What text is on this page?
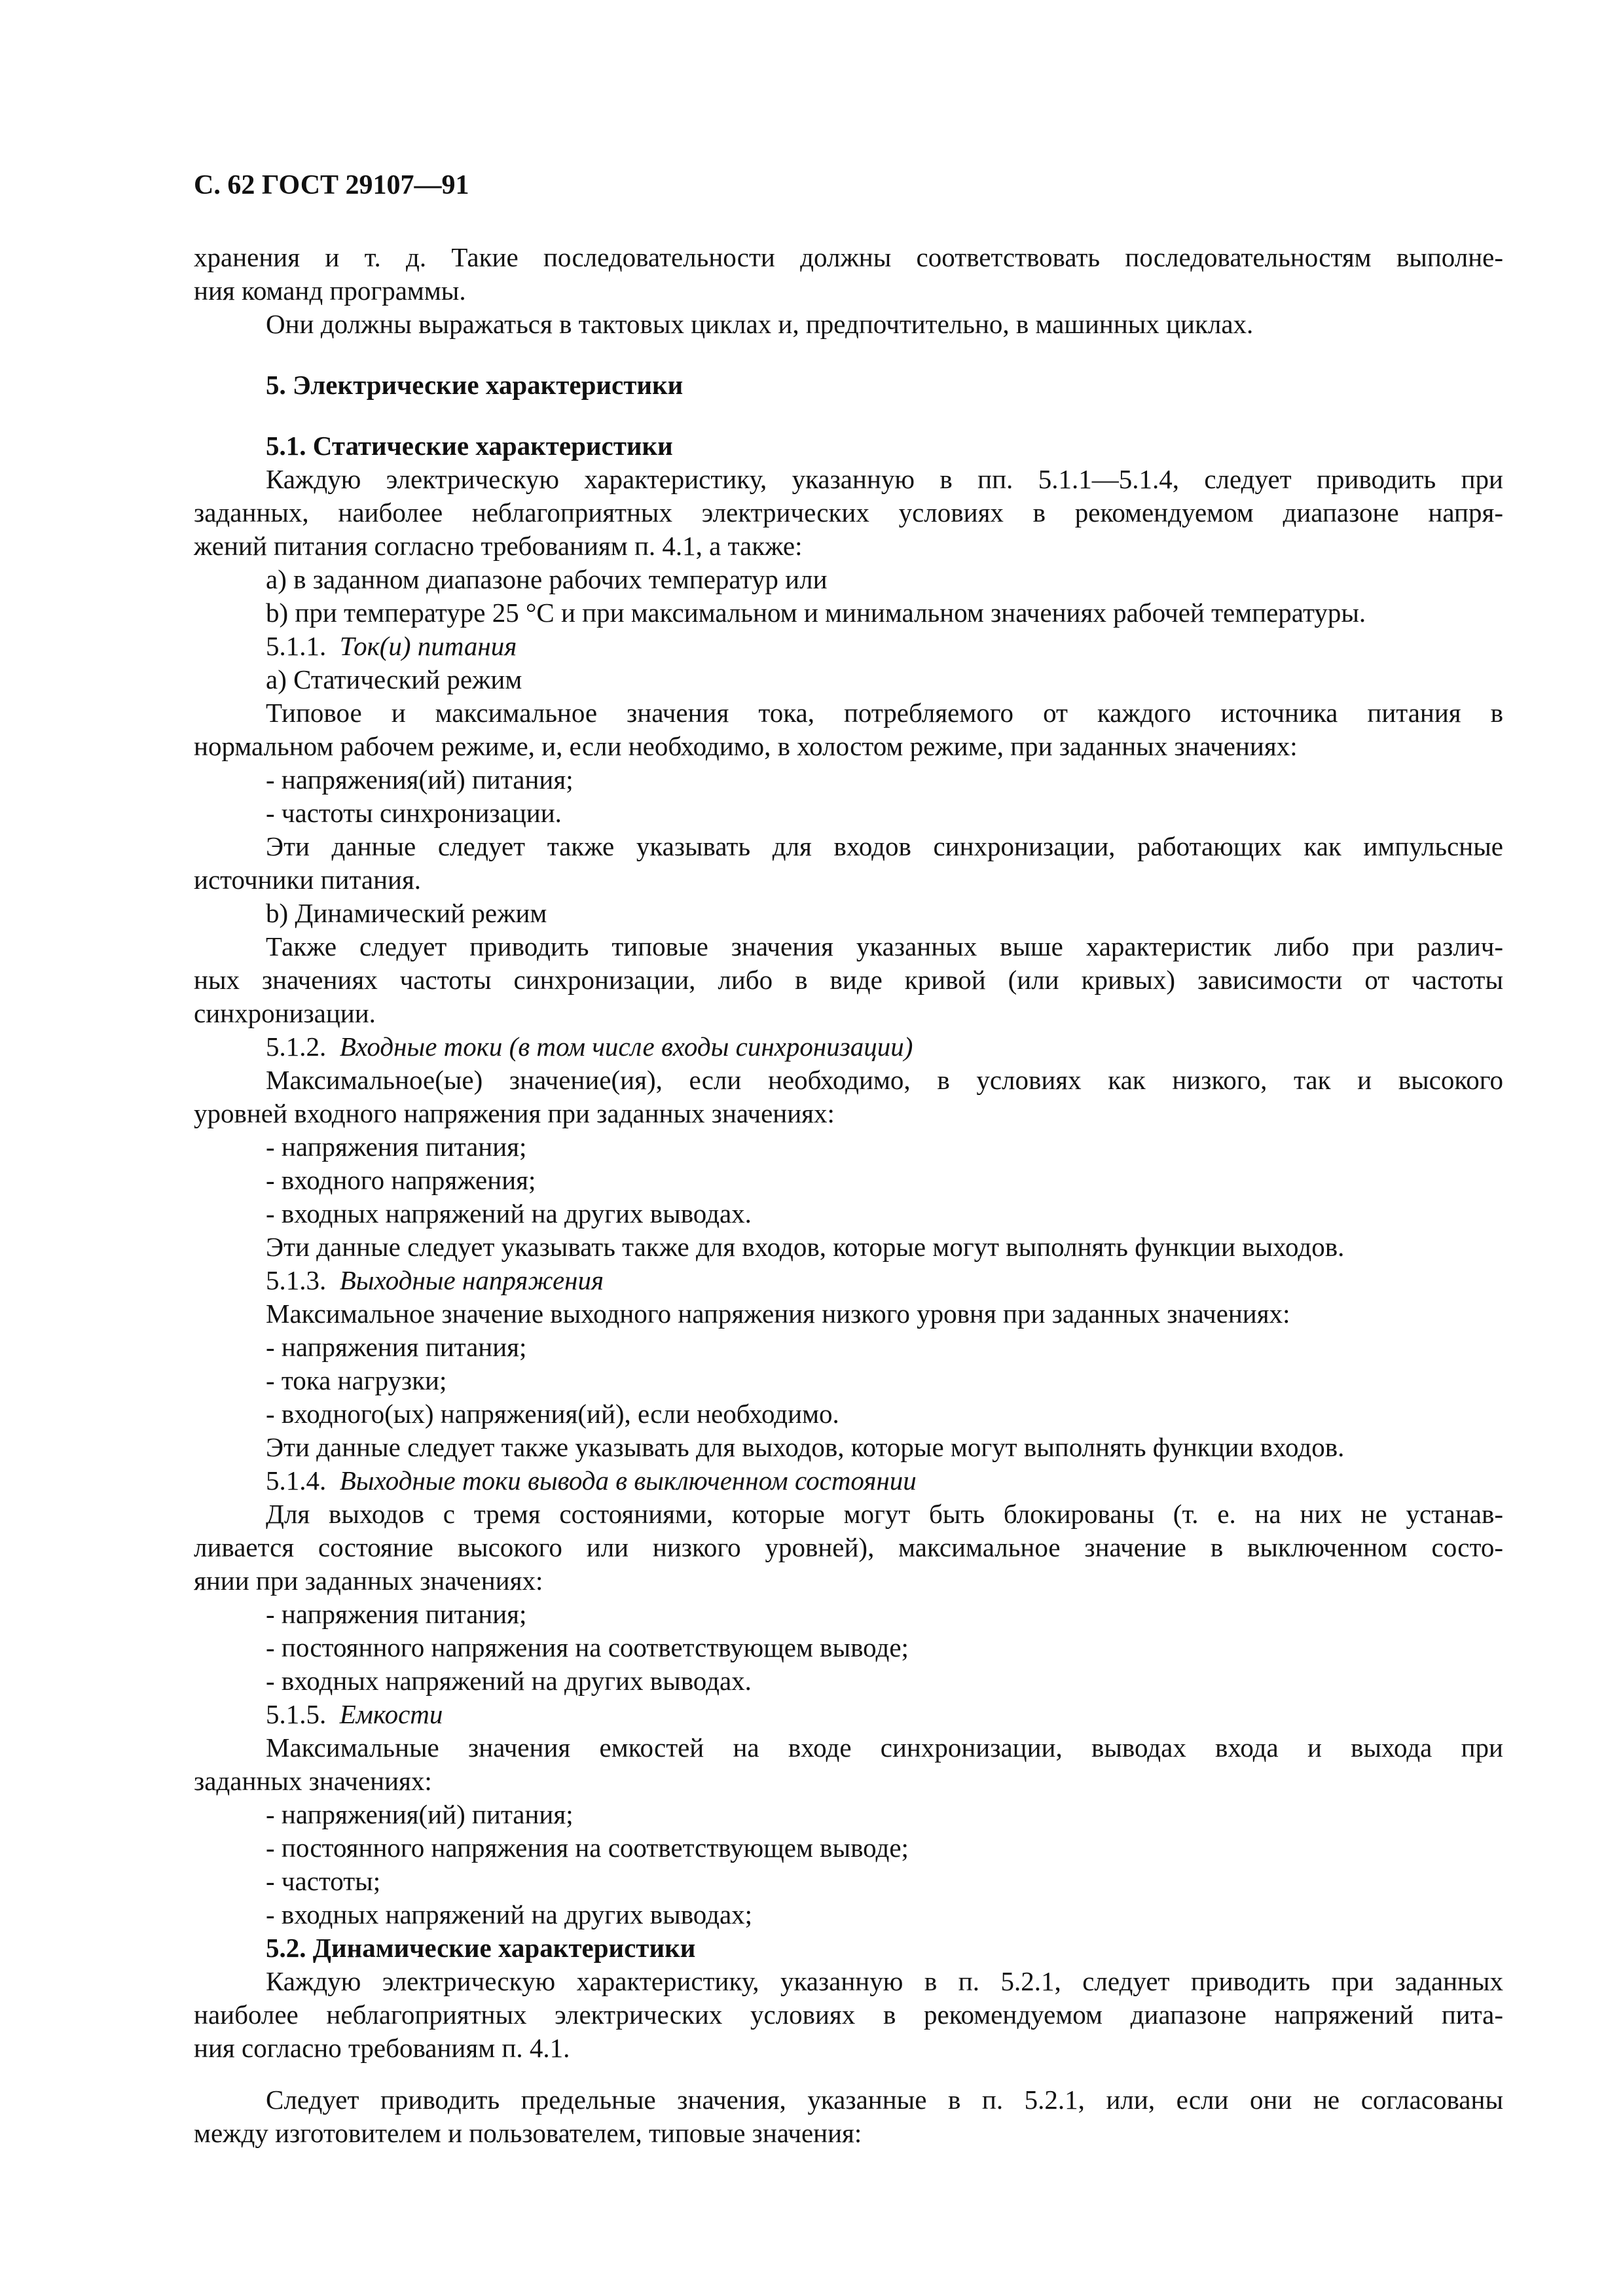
С. 62 ГОСТ 29107—91
хранения и т. д. Такие последовательности должны соответствовать последовательностям выполне-
ния команд программы.
Они должны выражаться в тактовых циклах и, предпочтительно, в машинных циклах.
5. Электрические характеристики
5.1. Статические характеристики
Каждую электрическую характеристику, указанную в пп. 5.1.1—5.1.4, следует приводить при
заданных, наиболее неблагоприятных электрических условиях в рекомендуемом диапазоне напря-
жений питания согласно требованиям п. 4.1, а также:
a) в заданном диапазоне рабочих температур или
b) при температуре 25 °C и при максимальном и минимальном значениях рабочей температуры.
5.1.1. Ток(и) питания
a) Статический режим
Типовое и максимальное значения тока, потребляемого от каждого источника питания в
нормальном рабочем режиме, и, если необходимо, в холостом режиме, при заданных значениях:
- напряжения(ий) питания;
- частоты синхронизации.
Эти данные следует также указывать для входов синхронизации, работающих как импульсные
источники питания.
b) Динамический режим
Также следует приводить типовые значения указанных выше характеристик либо при различ-
ных значениях частоты синхронизации, либо в виде кривой (или кривых) зависимости от частоты
синхронизации.
5.1.2. Входные токи (в том числе входы синхронизации)
Максимальное(ые) значение(ия), если необходимо, в условиях как низкого, так и высокого
уровней входного напряжения при заданных значениях:
- напряжения питания;
- входного напряжения;
- входных напряжений на других выводах.
Эти данные следует указывать также для входов, которые могут выполнять функции выходов.
5.1.3. Выходные напряжения
Максимальное значение выходного напряжения низкого уровня при заданных значениях:
- напряжения питания;
- тока нагрузки;
- входного(ых) напряжения(ий), если необходимо.
Эти данные следует также указывать для выходов, которые могут выполнять функции входов.
5.1.4. Выходные токи вывода в выключенном состоянии
Для выходов с тремя состояниями, которые могут быть блокированы (т. е. на них не устанав-
ливается состояние высокого или низкого уровней), максимальное значение в выключенном состо-
янии при заданных значениях:
- напряжения питания;
- постоянного напряжения на соответствующем выводе;
- входных напряжений на других выводах.
5.1.5. Емкости
Максимальные значения емкостей на входе синхронизации, выводах входа и выхода при
заданных значениях:
- напряжения(ий) питания;
- постоянного напряжения на соответствующем выводе;
- частоты;
- входных напряжений на других выводах;
5.2. Динамические характеристики
Каждую электрическую характеристику, указанную в п. 5.2.1, следует приводить при заданных
наиболее неблагоприятных электрических условиях в рекомендуемом диапазоне напряжений пита-
ния согласно требованиям п. 4.1.
Следует приводить предельные значения, указанные в п. 5.2.1, или, если они не согласованы
между изготовителем и пользователем, типовые значения:
